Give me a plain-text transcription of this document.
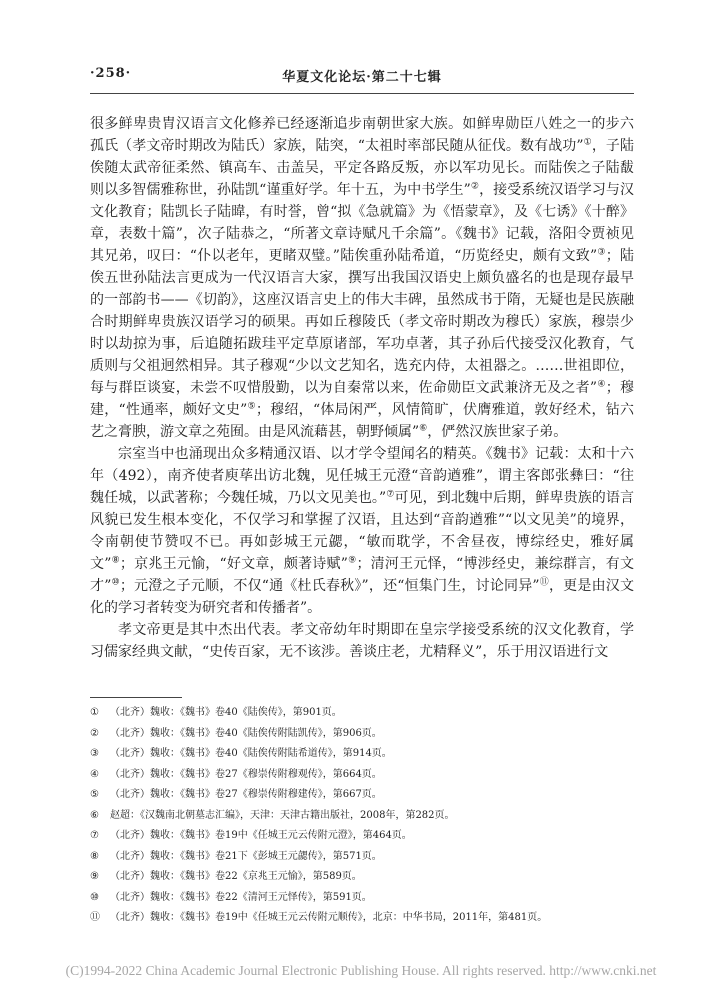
·258·	华夏文化论坛·第二十七辑

很多鲜卑贵胄汉语言文化修养已经逐渐追步南朝世家大族。如鲜卑勋臣八姓之一的步六孤氏（孝文帝时期改为陆氏）家族，陆突，“太祖时率部民随从征伐。数有战功”①，子陆俟随太武帝征柔然、镇高车、击盖吴，平定各路反叛，亦以军功见长。而陆俟之子陆馛则以多智儒雅称世，孙陆凯“谨重好学。年十五，为中书学生”②，接受系统汉语学习与汉文化教育；陆凯长子陆暐，有时誉，曾“拟《急就篇》为《悟蒙章》，及《七诱》《十醉》章，表数十篇”，次子陆恭之，“所著文章诗赋凡千余篇”。《魏书》记载，洛阳令贾祯见其兄弟，叹曰：“仆以老年，更睹双璧。”陆俟重孙陆希道，“历览经史，颇有文致”③；陆俟五世孙陆法言更成为一代汉语言大家，撰写出我国汉语史上颇负盛名的也是现存最早的一部韵书——《切韵》，这座汉语言史上的伟大丰碑，虽然成书于隋，无疑也是民族融合时期鲜卑贵族汉语学习的硕果。再如丘穆陵氏（孝文帝时期改为穆氏）家族，穆崇少时以劫掠为事，后追随拓跋珪平定草原诸部，军功卓著，其子孙后代接受汉化教育，气质则与父祖迥然相异。其子穆观“少以文艺知名，选充内侍，太祖器之。……世祖即位，每与群臣谈宴，未尝不叹惜殷勤，以为自秦常以来，佐命勋臣文武兼济无及之者”④；穆建，“性通率，颇好文史”⑤；穆绍，“体局闲严，风情简旷，伏膺雅道，敦好经术，钻六艺之膏腴，游文章之苑囿。由是风流藉甚，朝野倾属”⑥，俨然汉族世家子弟。

宗室当中也涌现出众多精通汉语、以才学令望闻名的精英。《魏书》记载：太和十六年（492），南齐使者庾荜出访北魏，见任城王元澄“音韵遒雅”，谓主客郎张彝曰：“往魏任城，以武著称；今魏任城，乃以文见美也。”⑦可见，到北魏中后期，鲜卑贵族的语言风貌已发生根本变化，不仅学习和掌握了汉语，且达到“音韵遒雅”“以文见美”的境界，令南朝使节赞叹不已。再如彭城王元勰，“敏而耽学，不舍昼夜，博综经史，雅好属文”⑧；京兆王元愉，“好文章，颇著诗赋”⑨；清河王元怿，“博涉经史，兼综群言，有文才”⑩；元澄之子元顺，不仅“通《杜氏春秋》”，还“恒集门生，讨论同异”⑪，更是由汉文化的学习者转变为研究者和传播者”。

孝文帝更是其中杰出代表。孝文帝幼年时期即在皇宗学接受系统的汉文化教育，学习儒家经典文献，“史传百家，无不该涉。善谈庄老，尤精释义”，乐于用汉语进行文

①	（北齐）魏收：《魏书》卷40《陆俟传》，第901页。
②	（北齐）魏收：《魏书》卷40《陆俟传附陆凯传》，第906页。
③	（北齐）魏收：《魏书》卷40《陆俟传附陆希道传》，第914页。
④	（北齐）魏收：《魏书》卷27《穆崇传附穆观传》，第664页。
⑤	（北齐）魏收：《魏书》卷27《穆崇传附穆建传》，第667页。
⑥	赵超：《汉魏南北朝墓志汇编》，天津：天津古籍出版社，2008年，第282页。
⑦	（北齐）魏收：《魏书》卷19中《任城王元云传附元澄》，第464页。
⑧	（北齐）魏收：《魏书》卷21下《彭城王元勰传》，第571页。
⑨	（北齐）魏收：《魏书》卷22《京兆王元愉》，第589页。
⑩	（北齐）魏收：《魏书》卷22《清河王元怿传》，第591页。
⑪	（北齐）魏收：《魏书》卷19中《任城王元云传附元顺传》，北京：中华书局，2011年，第481页。
(C)1994-2022 China Academic Journal Electronic Publishing House. All rights reserved. http://www.cnki.net
